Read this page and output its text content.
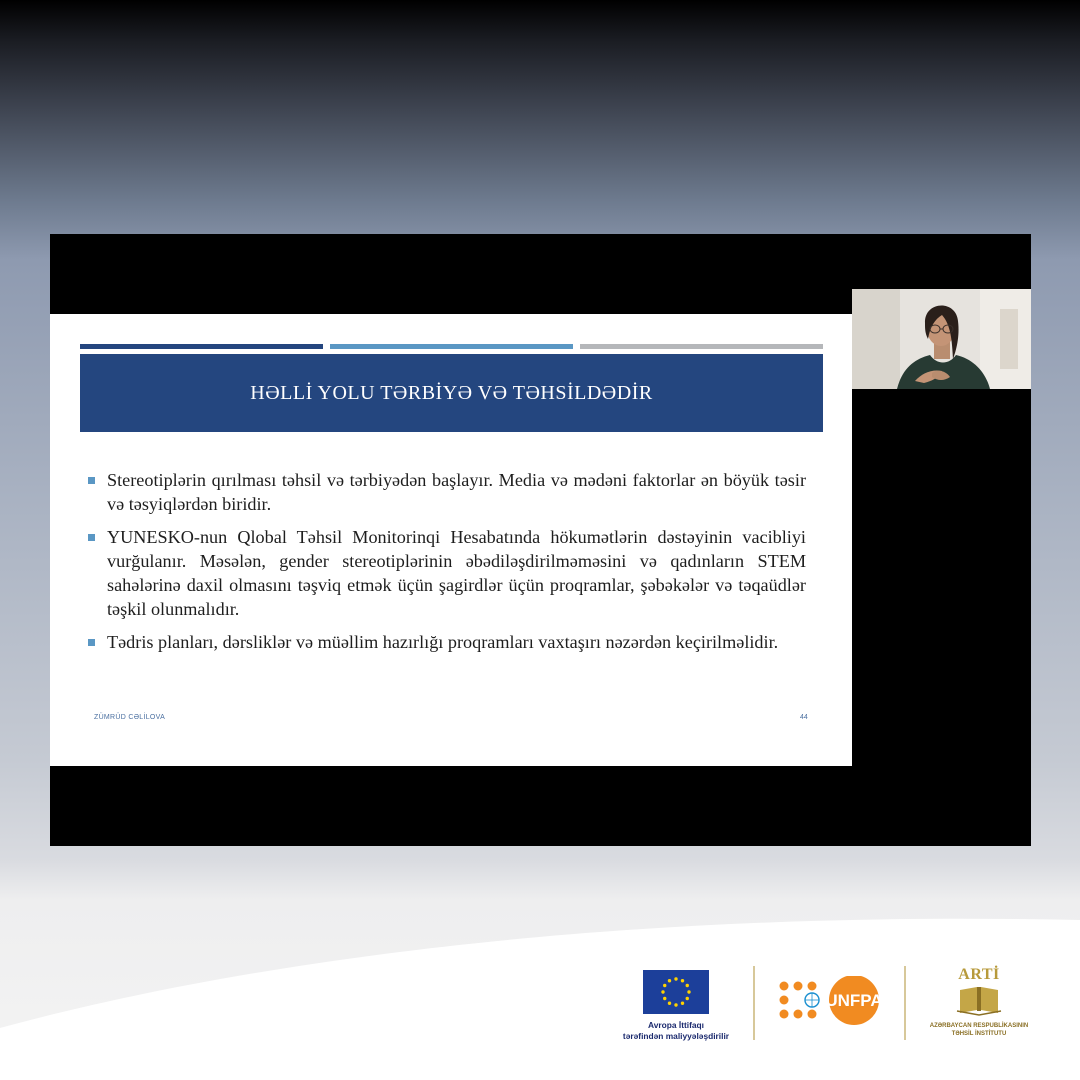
HƏLLİ YOLU TƏRBİYƏ VƏ TƏHSİLDƏDİR
Stereotiplərin qırılması təhsil və tərbiyədən başlayır. Media və mədəni faktorlar ən böyük təsir və təsyiqlərdən biridir.
YUNESKO-nun Qlobal Təhsil Monitorinqi Hesabatında hökumətlərin dəstəyinin vacibliyi vurğulanır. Məsələn, gender stereotiplərinin əbədiləşdirilməməsini və qadınların STEM sahələrinə daxil olmasını təşviq etmək üçün şagirdlər üçün proqramlar, şəbəkələr və təqaüdlər təşkil olunmalıdır.
Tədris planları, dərsliklər və müəllim hazırlığı proqramları vaxtaşırı nəzərdən keçirilməlidir.
ZÜMRÜD CƏLİLOVA	44
Avropa İttifaqı
tərəfindən maliyyələşdirilir
UNFPA
ARTİ
AZƏRBAYCAN RESPUBLİKASININ
TƏHSİL İNSTİTUTU
